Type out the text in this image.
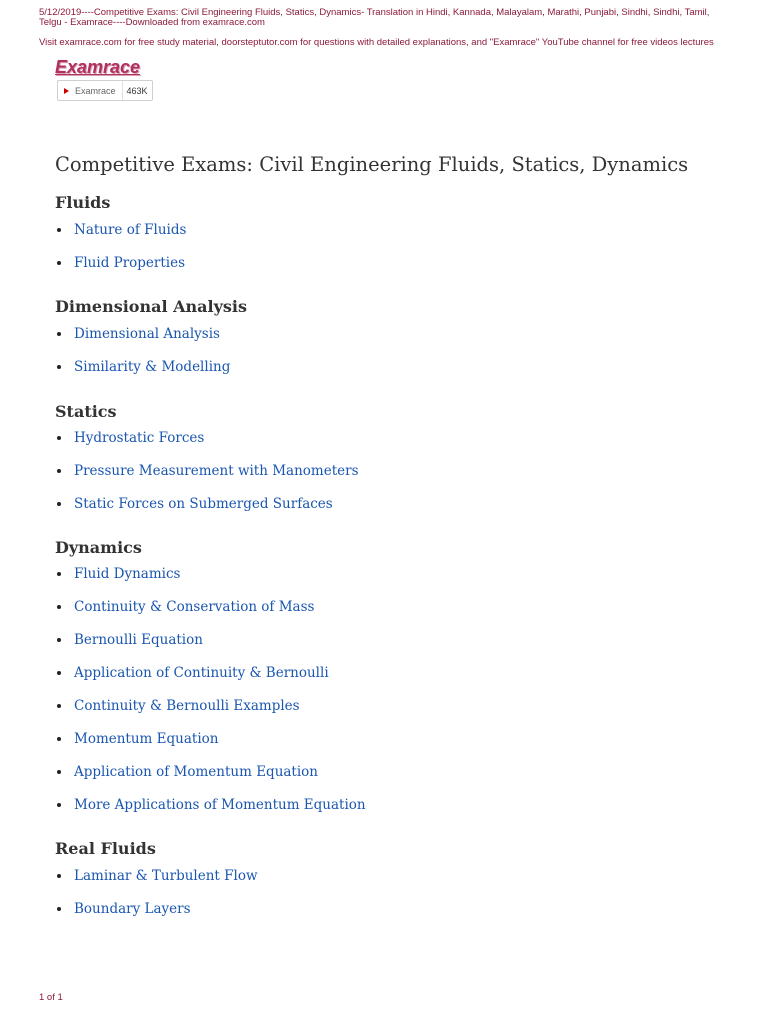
5/12/2019----Competitive Exams: Civil Engineering Fluids, Statics, Dynamics- Translation in Hindi, Kannada, Malayalam, Marathi, Punjabi, Sindhi, Sindhi, Tamil, Telgu - Examrace----Downloaded from examrace.com
Visit examrace.com for free study material, doorsteptutor.com for questions with detailed explanations, and "Examrace" YouTube channel for free videos lectures
Examrace
Examrace	463K
Competitive Exams: Civil Engineering Fluids, Statics, Dynamics
Fluids
Nature of Fluids
Fluid Properties
Dimensional Analysis
Dimensional Analysis
Similarity & Modelling
Statics
Hydrostatic Forces
Pressure Measurement with Manometers
Static Forces on Submerged Surfaces
Dynamics
Fluid Dynamics
Continuity & Conservation of Mass
Bernoulli Equation
Application of Continuity & Bernoulli
Continuity & Bernoulli Examples
Momentum Equation
Application of Momentum Equation
More Applications of Momentum Equation
Real Fluids
Laminar & Turbulent Flow
Boundary Layers
1 of 1
